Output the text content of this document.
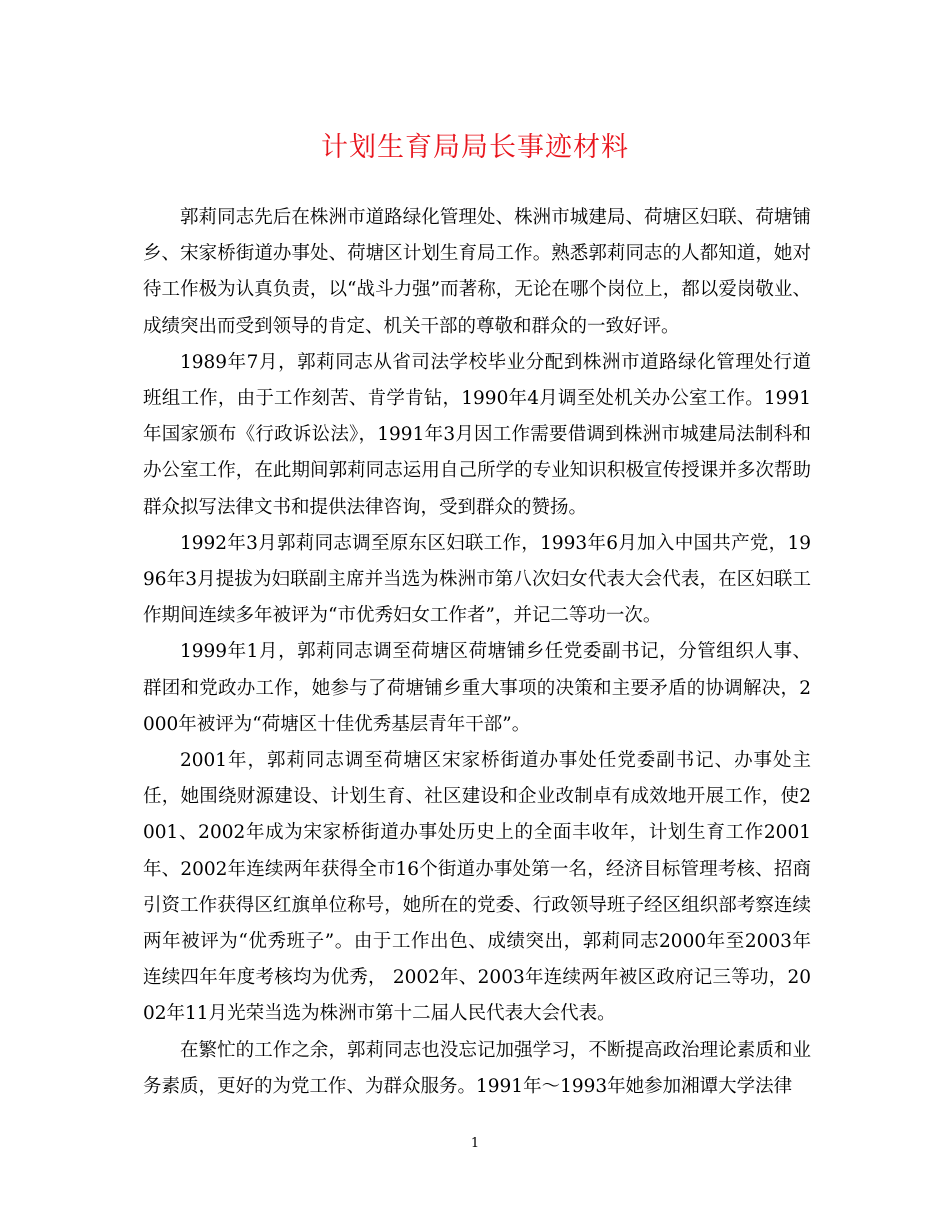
计划生育局局长事迹材料

郭莉同志先后在株洲市道路绿化管理处、株洲市城建局、荷塘区妇联、荷塘铺乡、宋家桥街道办事处、荷塘区计划生育局工作。熟悉郭莉同志的人都知道，她对待工作极为认真负责，以“战斗力强”而著称，无论在哪个岗位上，都以爱岗敬业、成绩突出而受到领导的肯定、机关干部的尊敬和群众的一致好评。

1989年7月，郭莉同志从省司法学校毕业分配到株洲市道路绿化管理处行道班组工作，由于工作刻苦、肯学肯钻，1990年4月调至处机关办公室工作。1991年国家颁布《行政诉讼法》，1991年3月因工作需要借调到株洲市城建局法制科和办公室工作，在此期间郭莉同志运用自己所学的专业知识积极宣传授课并多次帮助群众拟写法律文书和提供法律咨询，受到群众的赞扬。

1992年3月郭莉同志调至原东区妇联工作，1993年6月加入中国共产党，1996年3月提拔为妇联副主席并当选为株洲市第八次妇女代表大会代表，在区妇联工作期间连续多年被评为“市优秀妇女工作者”，并记二等功一次。

1999年1月，郭莉同志调至荷塘区荷塘铺乡任党委副书记，分管组织人事、群团和党政办工作，她参与了荷塘铺乡重大事项的决策和主要矛盾的协调解决，2000年被评为“荷塘区十佳优秀基层青年干部”。

2001年，郭莉同志调至荷塘区宋家桥街道办事处任党委副书记、办事处主任，她围绕财源建设、计划生育、社区建设和企业改制卓有成效地开展工作，使2001、2002年成为宋家桥街道办事处历史上的全面丰收年，计划生育工作2001年、2002年连续两年获得全市16个街道办事处第一名，经济目标管理考核、招商引资工作获得区红旗单位称号，她所在的党委、行政领导班子经区组织部考察连续两年被评为“优秀班子”。由于工作出色、成绩突出，郭莉同志2000年至2003年连续四年年度考核均为优秀， 2002年、2003年连续两年被区政府记三等功，2002年11月光荣当选为株洲市第十二届人民代表大会代表。

在繁忙的工作之余，郭莉同志也没忘记加强学习，不断提高政治理论素质和业务素质，更好的为党工作、为群众服务。1991年～1993年她参加湘谭大学法律

1
